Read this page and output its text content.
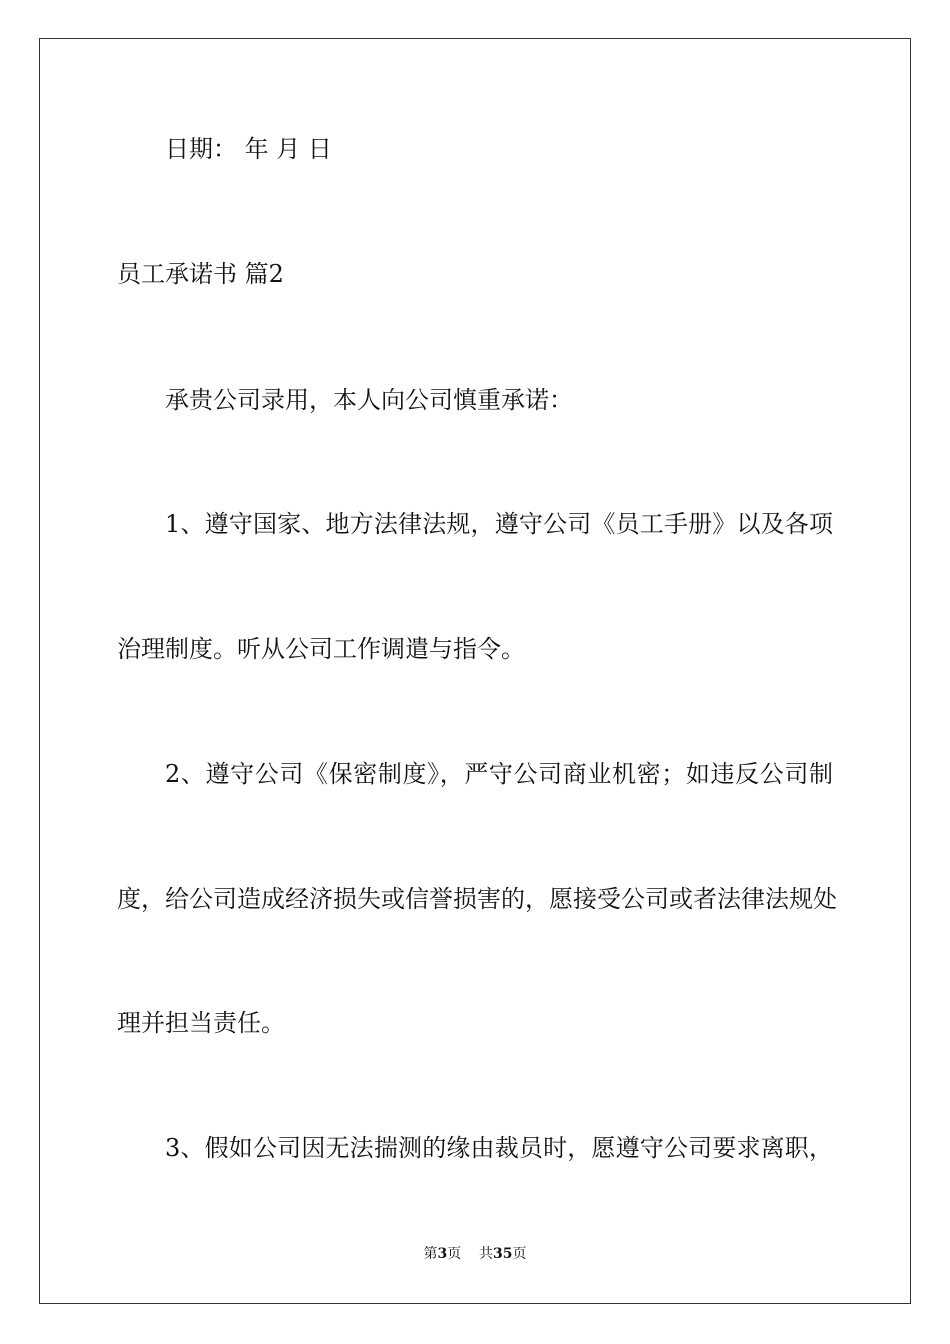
日期： 年 月 日
员工承诺书 篇2
承贵公司录用，本人向公司慎重承诺：
1、遵守国家、地方法律法规，遵守公司《员工手册》以及各项
治理制度。听从公司工作调遣与指令。
2、遵守公司《保密制度》，严守公司商业机密；如违反公司制
度，给公司造成经济损失或信誉损害的，愿接受公司或者法律法规处
理并担当责任。
3、假如公司因无法揣测的缘由裁员时，愿遵守公司要求离职，
第3页    共35页
